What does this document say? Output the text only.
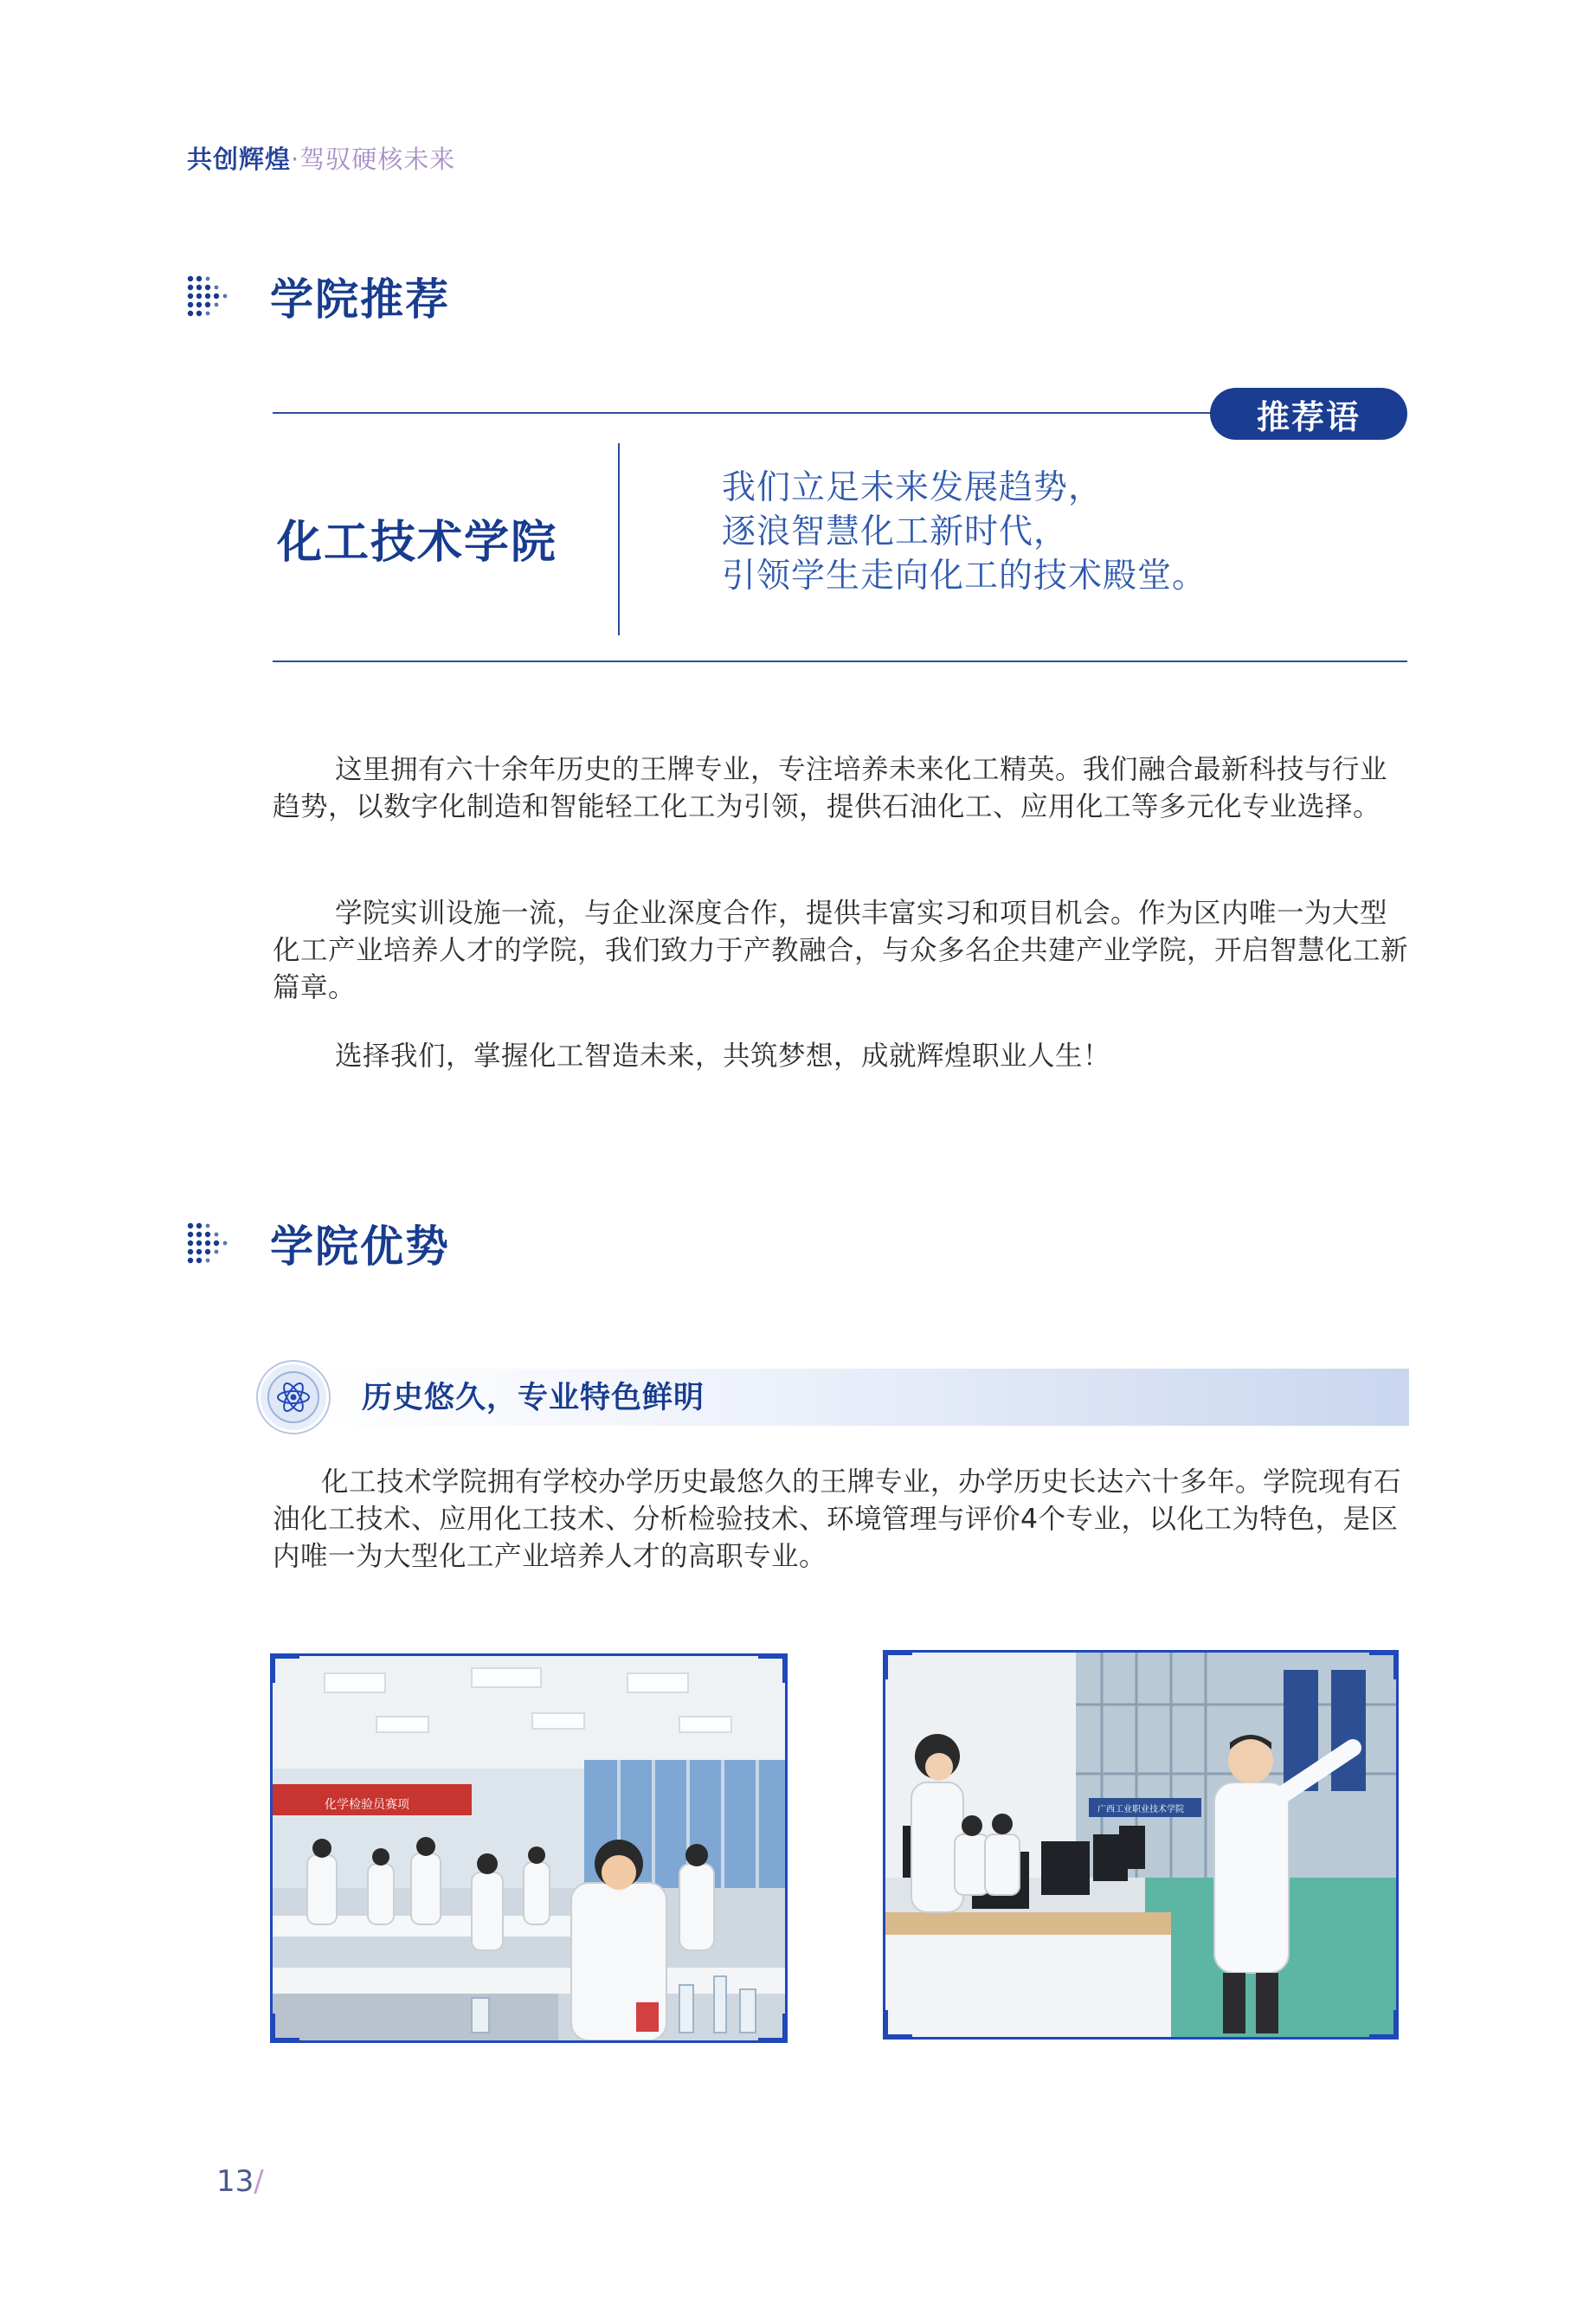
共创辉煌·驾驭硬核未来
学院推荐
推荐语
化工技术学院
我们立足未来发展趋势，
逐浪智慧化工新时代，
引领学生走向化工的技术殿堂。

这里拥有六十余年历史的王牌专业，专注培养未来化工精英。我们融合最新科技与行业趋势，以数字化制造和智能轻工化工为引领，提供石油化工、应用化工等多元化专业选择。

学院实训设施一流，与企业深度合作，提供丰富实习和项目机会。作为区内唯一为大型化工产业培养人才的学院，我们致力于产教融合，与众多名企共建产业学院，开启智慧化工新篇章。

选择我们，掌握化工智造未来，共筑梦想，成就辉煌职业人生！

学院优势
历史悠久，专业特色鲜明

化工技术学院拥有学校办学历史最悠久的王牌专业，办学历史长达六十多年。学院现有石油化工技术、应用化工技术、分析检验技术、环境管理与评价4个专业，以化工为特色，是区内唯一为大型化工产业培养人才的高职专业。

化学检验员赛项	广西工业职业技术学院
13/
